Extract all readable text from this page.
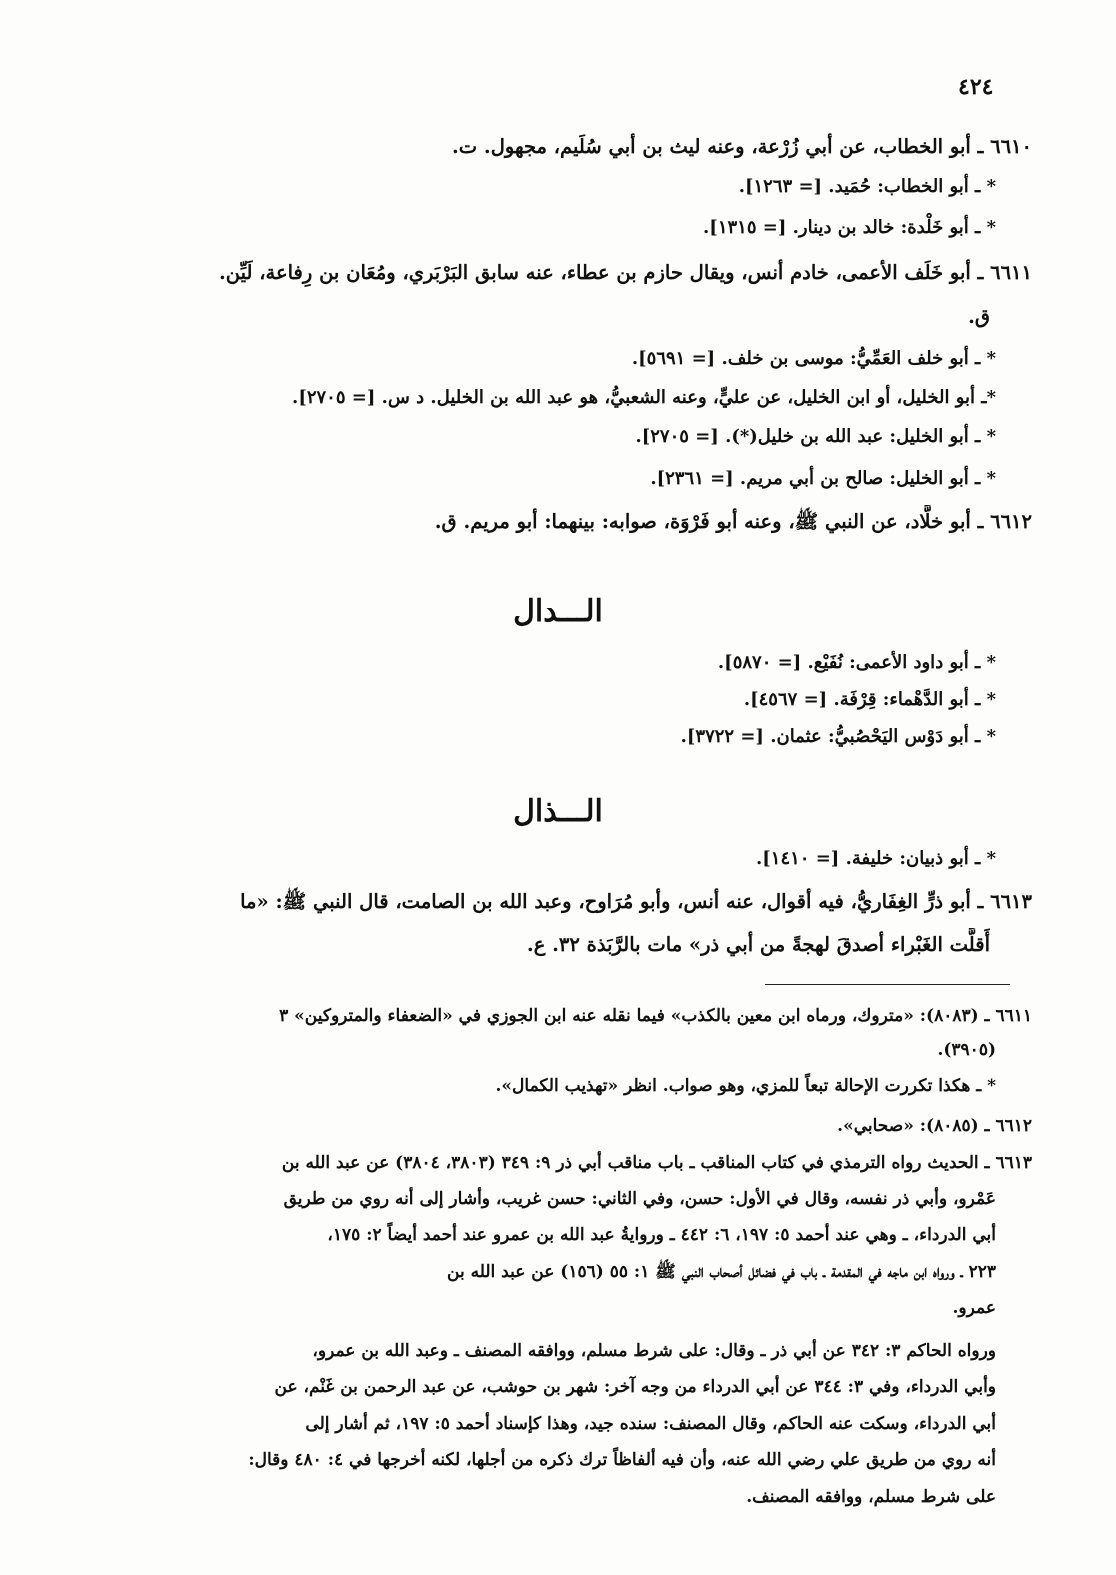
٤٢٤
٦٦١٠ ـ أبو الخطاب، عن أبي زُرْعة، وعنه ليث بن أبي سُلَيم، مجهول. ت.
* ـ أبو الخطاب: حُمَيد. [= ١٢٦٣].
* ـ أبو خَلْدة: خالد بن دينار. [= ١٣١٥].
٦٦١١ ـ أبو خَلَف الأعمى، خادم أنس، ويقال حازم بن عطاء، عنه سابق البَرْبَري، ومُعَان بن رِفاعة، لَيِّن.
ق.
* ـ أبو خلف العَمِّيُّ: موسى بن خلف. [= ٥٦٩١].
*ـ أبو الخليل، أو ابن الخليل، عن عليٍّ، وعنه الشعبيُّ، هو عبد الله بن الخليل. د س. [= ٢٧٠٥].
* ـ أبو الخليل: عبد الله بن خليل(*). [= ٢٧٠٥].
* ـ أبو الخليل: صالح بن أبي مريم. [= ٢٣٦١].
٦٦١٢ ـ أبو خلَّاد، عن النبي ﷺ، وعنه أبو فَرْوَة، صوابه: بينهما: أبو مريم. ق.
الـــدال
* ـ أبو داود الأعمى: نُفَيْع. [= ٥٨٧٠].
* ـ أبو الدَّهْماء: قِرْفَة. [= ٤٥٦٧].
* ـ أبو دَوْس اليَحْصُبيُّ: عثمان. [= ٣٧٢٢].
الـــذال
* ـ أبو ذبيان: خليفة. [= ١٤١٠].
٦٦١٣ ـ أبو ذرٍّ الغِفَاريُّ، فيه أقوال، عنه أنس، وأبو مُرَاوح، وعبد الله بن الصامت، قال النبي ﷺ: «ما
أَقلَّت الغَبْراء أصدقَ لهجةً من أبي ذر» مات بالرَّبَذة ٣٢. ع.
٦٦١١ ـ (٨٠٨٣): «متروك، ورماه ابن معين بالكذب» فيما نقله عنه ابن الجوزي في «الضعفاء والمتروكين» ٣
(٣٩٠٥).
* ـ هكذا تكررت الإحالة تبعاً للمزي، وهو صواب. انظر «تهذيب الكمال».
٦٦١٢ ـ (٨٠٨٥): «صحابي».
٦٦١٣ ـ الحديث رواه الترمذي في كتاب المناقب ـ باب مناقب أبي ذر ٩: ٣٤٩ (٣٨٠٣، ٣٨٠٤) عن عبد الله بن
عَمْرو، وأبي ذر نفسه، وقال في الأول: حسن، وفي الثاني: حسن غريب، وأشار إلى أنه روي من طريق
أبي الدرداء، ـ وهي عند أحمد ٥: ١٩٧، ٦: ٤٤٢ ـ وروايةُ عبد الله بن عمرو عند أحمد أيضاً ٢: ١٧٥،
٢٢٣ ـ ورواه ابن ماجه في المقدمة ـ باب في فضائل أصحاب النبي ﷺ ١: ٥٥ (١٥٦) عن عبد الله بن
عمرو.
ورواه الحاكم ٣: ٣٤٢ عن أبي ذر ـ وقال: على شرط مسلم، ووافقه المصنف ـ وعبد الله بن عمرو،
وأبي الدرداء، وفي ٣: ٣٤٤ عن أبي الدرداء من وجه آخر: شهر بن حوشب، عن عبد الرحمن بن غَنْم، عن
أبي الدرداء، وسكت عنه الحاكم، وقال المصنف: سنده جيد، وهذا كإسناد أحمد ٥: ١٩٧، ثم أشار إلى
أنه روي من طريق علي رضي الله عنه، وأن فيه ألفاظاً ترك ذكره من أجلها، لكنه أخرجها في ٤: ٤٨٠ وقال:
على شرط مسلم، ووافقه المصنف.
